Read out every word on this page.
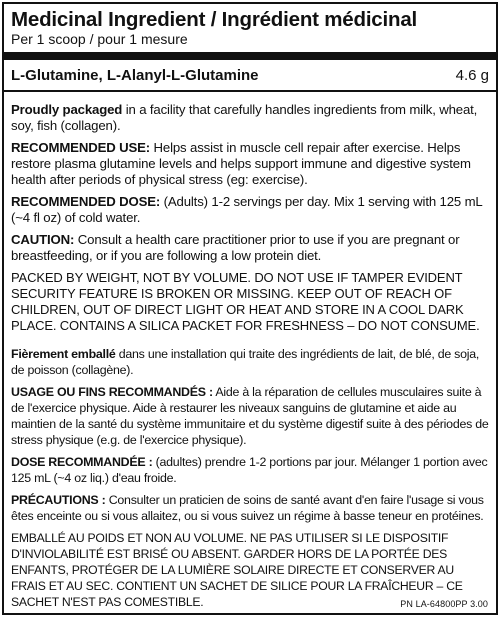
Medicinal Ingredient / Ingrédient médicinal
Per 1 scoop / pour 1 mesure
L-Glutamine, L-Alanyl-L-Glutamine	4.6 g

Proudly packaged in a facility that carefully handles ingredients from milk, wheat, soy, fish (collagen).

RECOMMENDED USE: Helps assist in muscle cell repair after exercise. Helps restore plasma glutamine levels and helps support immune and digestive system health after periods of physical stress (eg: exercise).

RECOMMENDED DOSE: (Adults) 1-2 servings per day. Mix 1 serving with 125 mL (~4 fl oz) of cold water.

CAUTION: Consult a health care practitioner prior to use if you are pregnant or breastfeeding, or if you are following a low protein diet.

PACKED BY WEIGHT, NOT BY VOLUME. DO NOT USE IF TAMPER EVIDENT SECURITY FEATURE IS BROKEN OR MISSING. KEEP OUT OF REACH OF CHILDREN, OUT OF DIRECT LIGHT OR HEAT AND STORE IN A COOL DARK PLACE. CONTAINS A SILICA PACKET FOR FRESHNESS – DO NOT CONSUME.

Fièrement emballé dans une installation qui traite des ingrédients de lait, de blé, de soja, de poisson (collagène).

USAGE OU FINS RECOMMANDÉS : Aide à la réparation de cellules musculaires suite à de l'exercice physique. Aide à restaurer les niveaux sanguins de glutamine et aide au maintien de la santé du système immunitaire et du système digestif suite à des périodes de stress physique (e.g. de l'exercice physique).

DOSE RECOMMANDÉE : (adultes) prendre 1-2 portions par jour. Mélanger 1 portion avec 125 mL (~4 oz liq.) d'eau froide.

PRÉCAUTIONS : Consulter un praticien de soins de santé avant d'en faire l'usage si vous êtes enceinte ou si vous allaitez, ou si vous suivez un régime à basse teneur en protéines.

EMBALLÉ AU POIDS ET NON AU VOLUME. NE PAS UTILISER SI LE DISPOSITIF D'INVIOLABILITÉ EST BRISÉ OU ABSENT. GARDER HORS DE LA PORTÉE DES ENFANTS, PROTÉGER DE LA LUMIÈRE SOLAIRE DIRECTE ET CONSERVER AU FRAIS ET AU SEC. CONTIENT UN SACHET DE SILICE POUR LA FRAÎCHEUR – CE SACHET N'EST PAS COMESTIBLE.	PN LA-64800PP 3.00
